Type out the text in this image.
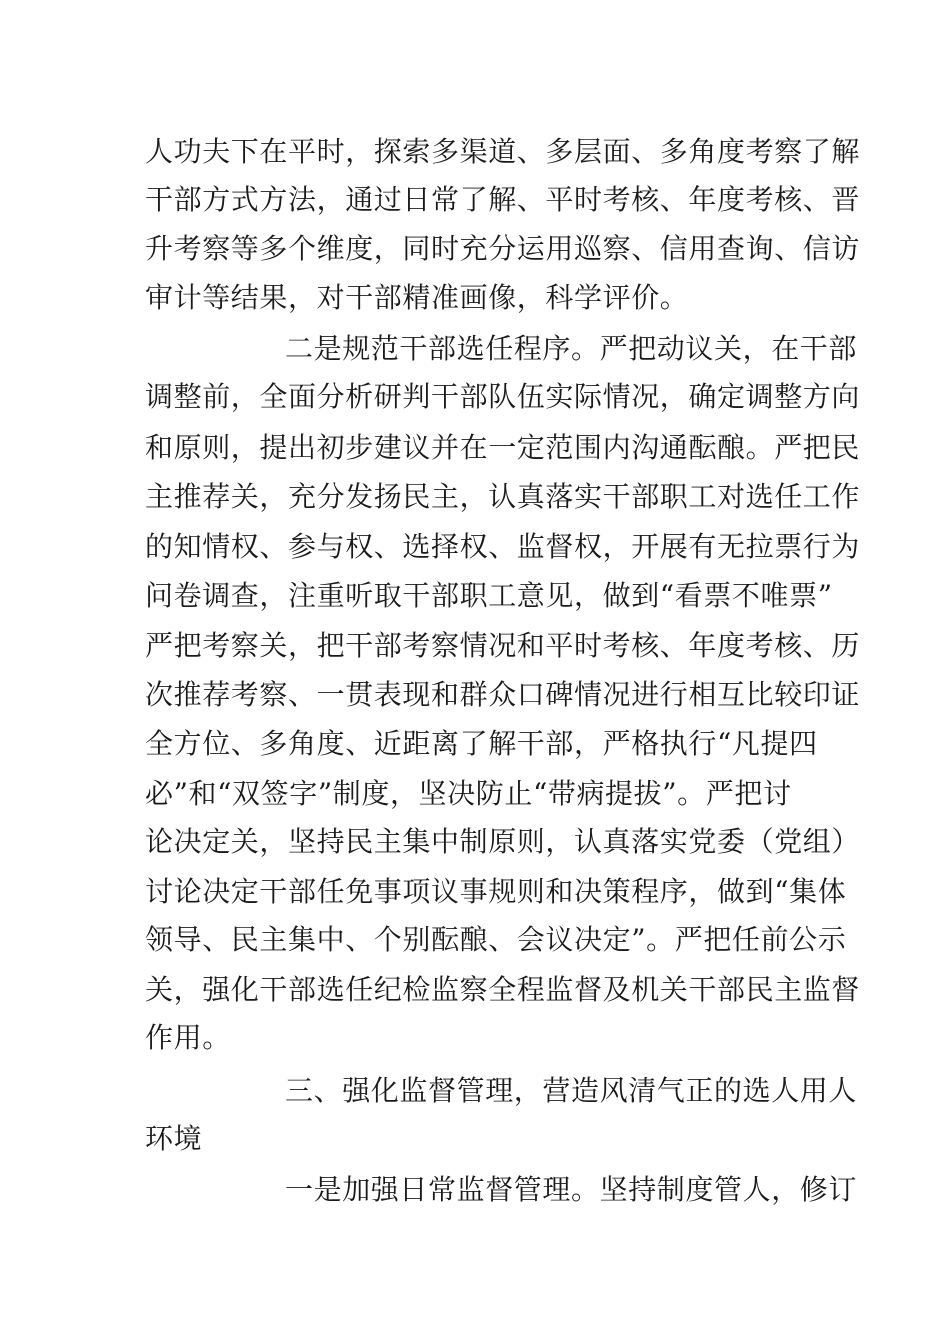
人功夫下在平时，探索多渠道、多层面、多角度考察了解
干部方式方法，通过日常了解、平时考核、年度考核、晋
升考察等多个维度，同时充分运用巡察、信用查询、信访
审计等结果，对干部精准画像，科学评价。
二是规范干部选任程序。严把动议关，在干部
调整前，全面分析研判干部队伍实际情况，确定调整方向
和原则，提出初步建议并在一定范围内沟通酝酿。严把民
主推荐关，充分发扬民主，认真落实干部职工对选任工作
的知情权、参与权、选择权、监督权，开展有无拉票行为
问卷调查，注重听取干部职工意见，做到“看票不唯票”
严把考察关，把干部考察情况和平时考核、年度考核、历
次推荐考察、一贯表现和群众口碑情况进行相互比较印证
全方位、多角度、近距离了解干部，严格执行“凡提四
必”和“双签字”制度，坚决防止“带病提拔”。严把讨
论决定关，坚持民主集中制原则，认真落实党委（党组）
讨论决定干部任免事项议事规则和决策程序，做到“集体
领导、民主集中、个别酝酿、会议决定”。严把任前公示
关，强化干部选任纪检监察全程监督及机关干部民主监督
作用。
三、强化监督管理，营造风清气正的选人用人
环境
一是加强日常监督管理。坚持制度管人，修订
